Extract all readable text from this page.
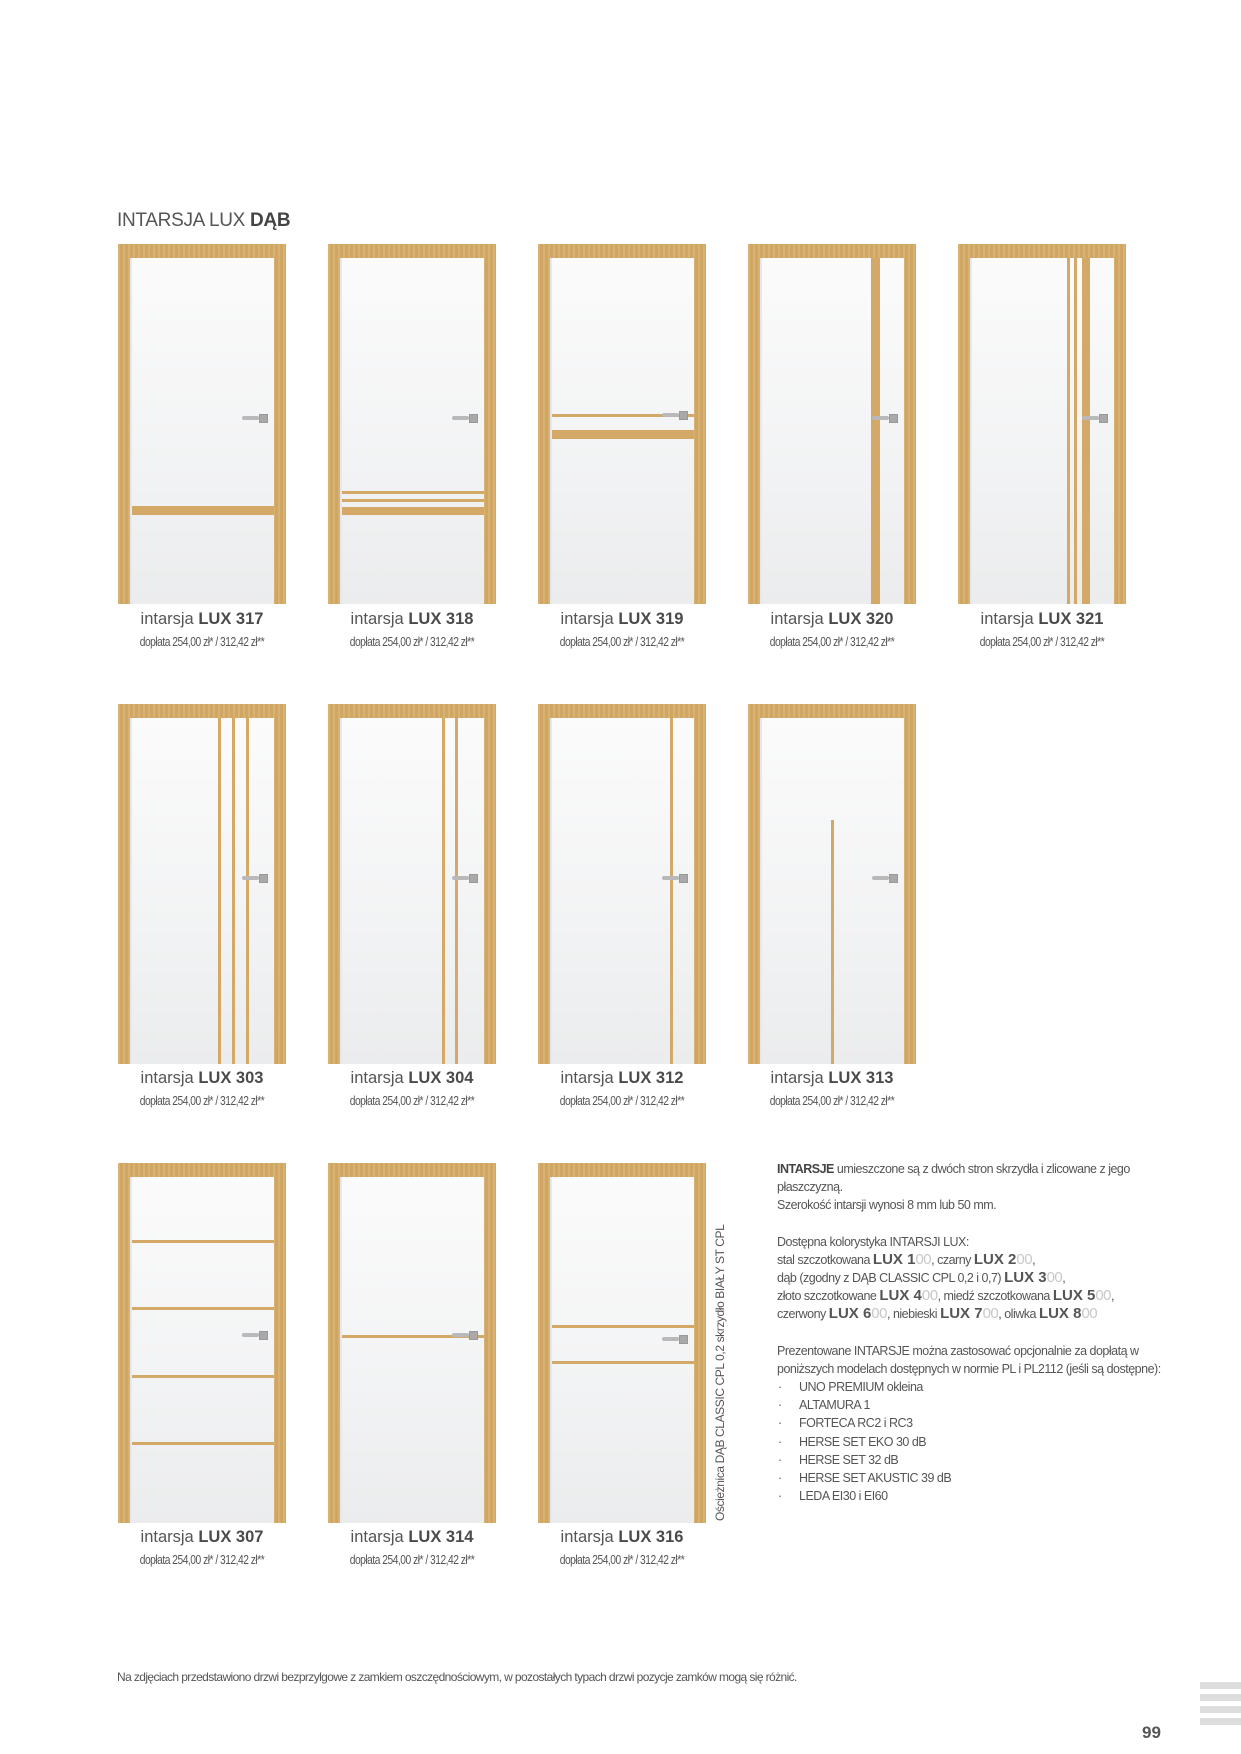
INTARSJA LUX DĄB
intarsja LUX 317
dopłata 254,00 zł* / 312,42 zł**
intarsja LUX 318
dopłata 254,00 zł* / 312,42 zł**
intarsja LUX 319
dopłata 254,00 zł* / 312,42 zł**
intarsja LUX 320
dopłata 254,00 zł* / 312,42 zł**
intarsja LUX 321
dopłata 254,00 zł* / 312,42 zł**
intarsja LUX 303
dopłata 254,00 zł* / 312,42 zł**
intarsja LUX 304
dopłata 254,00 zł* / 312,42 zł**
intarsja LUX 312
dopłata 254,00 zł* / 312,42 zł**
intarsja LUX 313
dopłata 254,00 zł* / 312,42 zł**
intarsja LUX 307
dopłata 254,00 zł* / 312,42 zł**
intarsja LUX 314
dopłata 254,00 zł* / 312,42 zł**
intarsja LUX 316
dopłata 254,00 zł* / 312,42 zł**
Ościeżnica DĄB CLASSIC CPL 0,2 skrzydło BIAŁY ST CPL
INTARSJE umieszczone są z dwóch stron skrzydła i zlicowane z jego płaszczyzną.
Szerokość intarsji wynosi 8 mm lub 50 mm.
Dostępna kolorystyka INTARSJI LUX:
stal szczotkowana LUX 100, czarny LUX 200,
dąb (zgodny z DĄB CLASSIC CPL 0,2 i 0,7) LUX 300,
złoto szczotkowane LUX 400, miedź szczotkowana LUX 500,
czerwony LUX 600, niebieski LUX 700, oliwka LUX 800
Prezentowane INTARSJE można zastosować opcjonalnie za dopłatą w poniższych modelach dostępnych w normie PL i PL2112 (jeśli są dostępne):
· UNO PREMIUM okleina
· ALTAMURA 1
· FORTECA RC2 i RC3
· HERSE SET EKO 30 dB
· HERSE SET 32 dB
· HERSE SET AKUSTIC 39 dB
· LEDA EI30 i EI60
Na zdjęciach przedstawiono drzwi bezprzylgowe z zamkiem oszczędnościowym, w pozostałych typach drzwi pozycje zamków mogą się różnić.
99
